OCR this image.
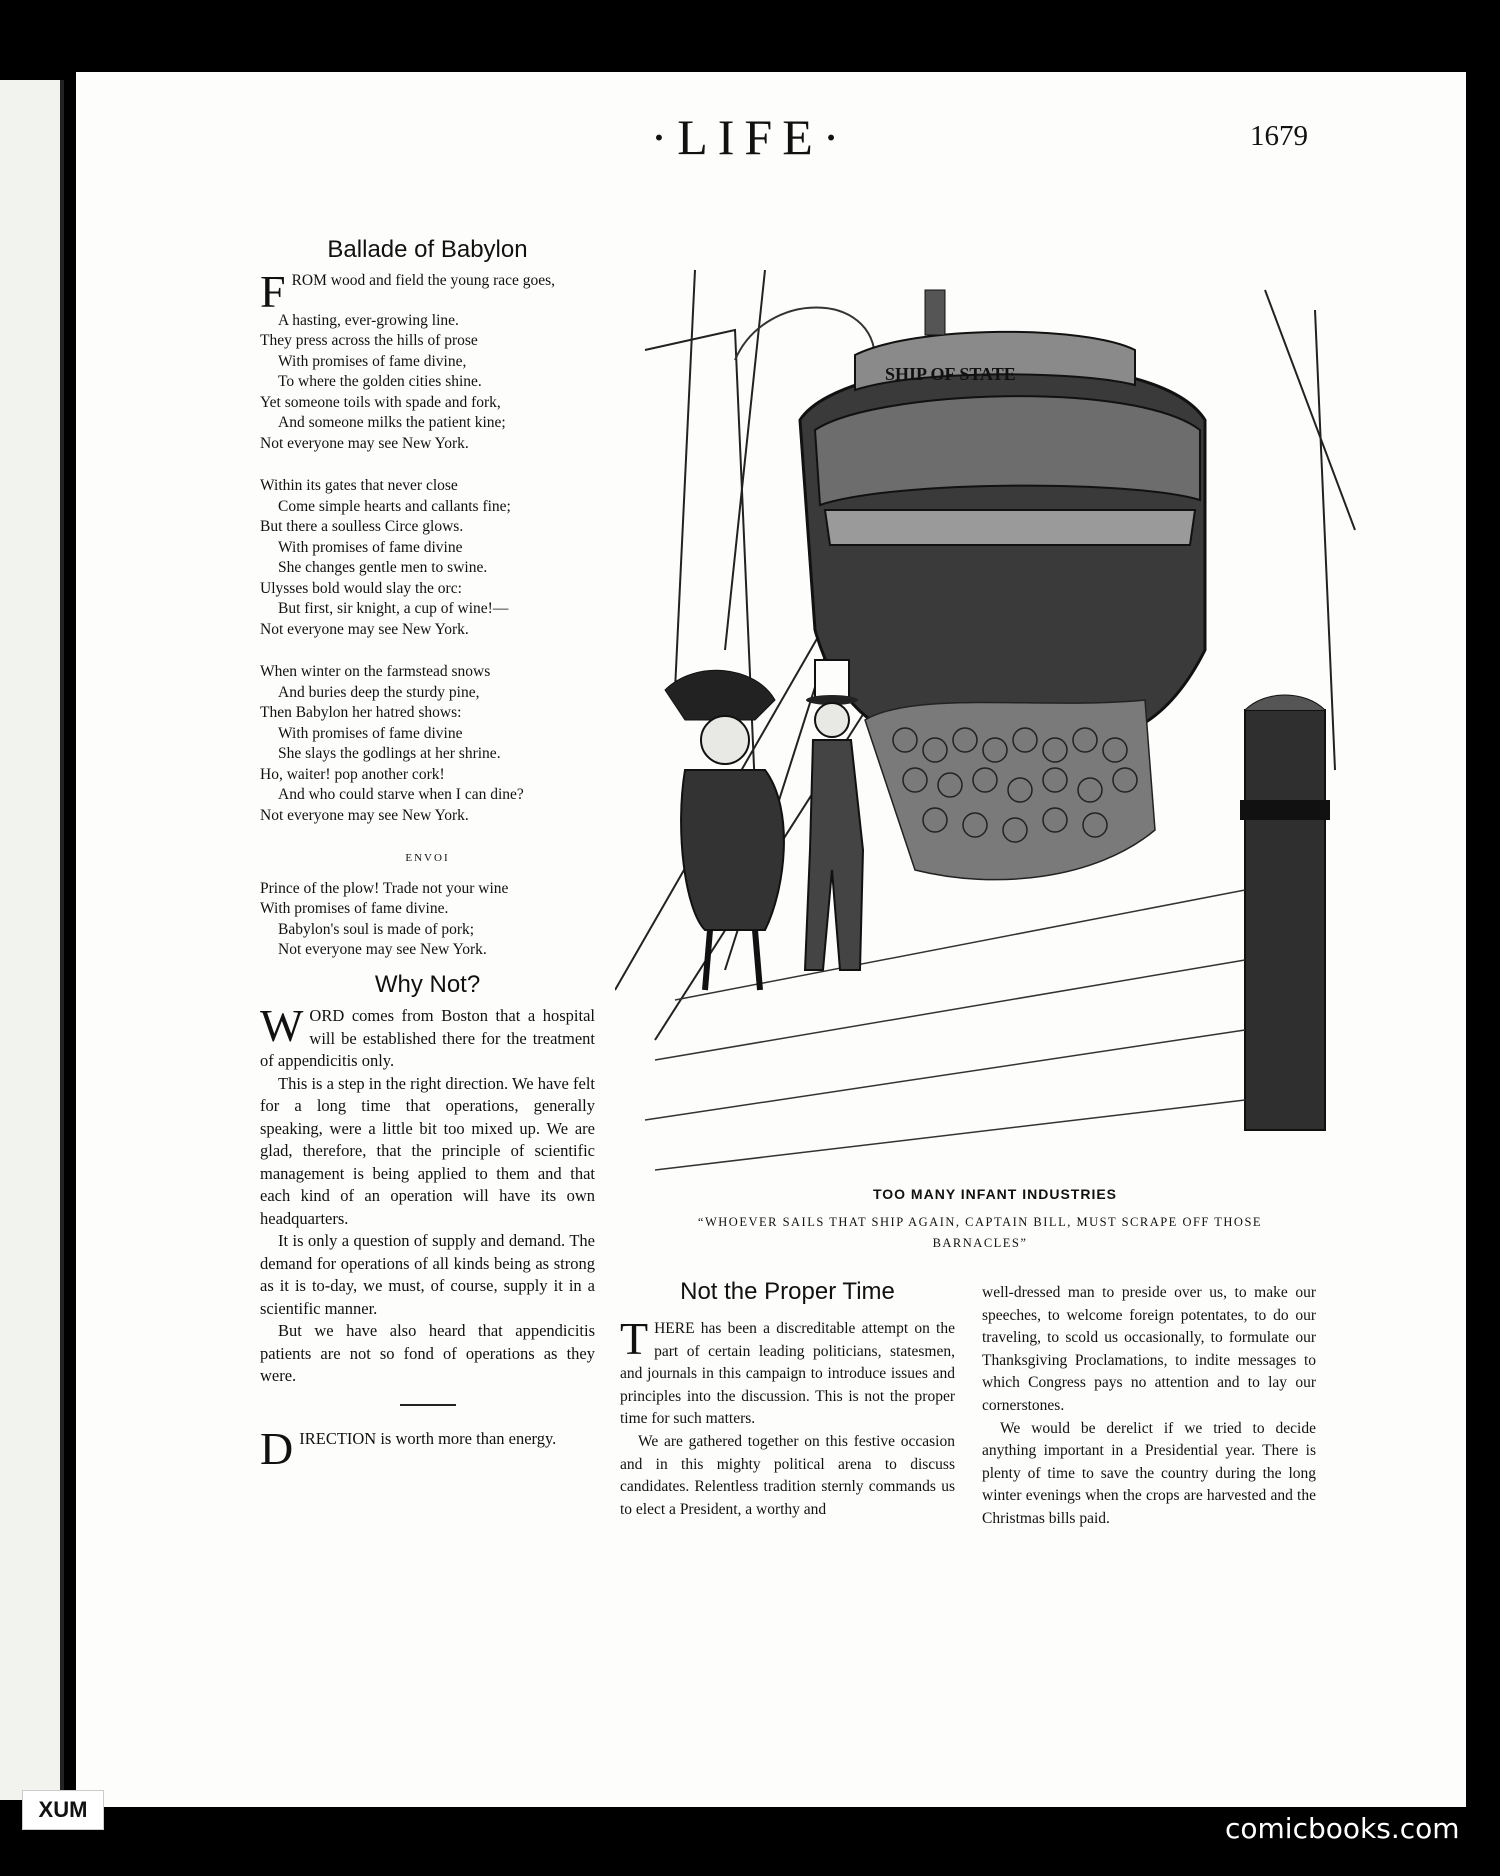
·LIFE·	1679
Ballade of Babylon
F ROM wood and field the young race goes,

A hasting, ever-growing line.

They press across the hills of prose

With promises of fame divine,

To where the golden cities shine.

Yet someone toils with spade and fork,

And someone milks the patient kine;

Not everyone may see New York.

Within its gates that never close

Come simple hearts and callants fine;

But there a soulless Circe glows.

With promises of fame divine

She changes gentle men to swine.

Ulysses bold would slay the orc:

But first, sir knight, a cup of wine!—

Not everyone may see New York.

When winter on the farmstead snows

And buries deep the sturdy pine,

Then Babylon her hatred shows:

With promises of fame divine

She slays the godlings at her shrine.

Ho, waiter! pop another cork!

And who could starve when I can dine?

Not everyone may see New York.

ENVOI

Prince of the plow! Trade not your wine

With promises of fame divine.

Babylon's soul is made of pork;

Not everyone may see New York.

Why Not?
W ORD comes from Boston that a hospital will be established there for the treatment of appendicitis only.

This is a step in the right direction. We have felt for a long time that operations, generally speaking, were a little bit too mixed up. We are glad, therefore, that the principle of scientific management is being applied to them and that each kind of an operation will have its own headquarters.

It is only a question of supply and demand. The demand for operations of all kinds being as strong as it is to-day, we must, of course, supply it in a scientific manner.

But we have also heard that appendicitis patients are not so fond of operations as they were.

D IRECTION is worth more than energy.

SHIP OF STATE
TOO MANY INFANT INDUSTRIES
“WHOEVER SAILS THAT SHIP AGAIN, CAPTAIN BILL, MUST SCRAPE OFF THOSE BARNACLES”
Not the Proper Time
T HERE has been a discreditable attempt on the part of certain leading politicians, statesmen, and journals in this campaign to introduce issues and principles into the discussion. This is not the proper time for such matters.

We are gathered together on this festive occasion and in this mighty political arena to discuss candidates. Relentless tradition sternly commands us to elect a President, a worthy and

well-dressed man to preside over us, to make our speeches, to welcome foreign potentates, to do our traveling, to scold us occasionally, to formulate our Thanksgiving Proclamations, to indite messages to which Congress pays no attention and to lay our cornerstones.

We would be derelict if we tried to decide anything important in a Presidential year. There is plenty of time to save the country during the long winter evenings when the crops are harvested and the Christmas bills paid.

XUM
comicbooks.com
